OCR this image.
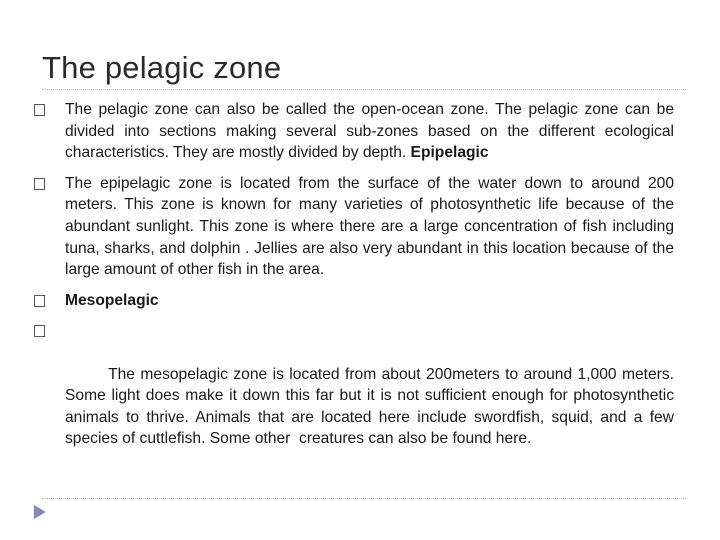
The pelagic zone
The pelagic zone can also be called the open-ocean zone. The pelagic zone can be divided into sections making several sub-zones based on the different ecological characteristics. They are mostly divided by depth. Epipelagic
The epipelagic zone is located from the surface of the water down to around 200 meters. This zone is known for many varieties of photosynthetic life because of the abundant sunlight. This zone is where there are a large concentration of fish including tuna, sharks, and dolphin . Jellies are also very abundant in this location because of the large amount of other fish in the area.
Mesopelagic

The mesopelagic zone is located from about 200meters to around 1,000 meters. Some light does make it down this far but it is not sufficient enough for photosynthetic animals to thrive. Animals that are located here include swordfish, squid, and a few species of cuttlefish. Some other  creatures can also be found here.
